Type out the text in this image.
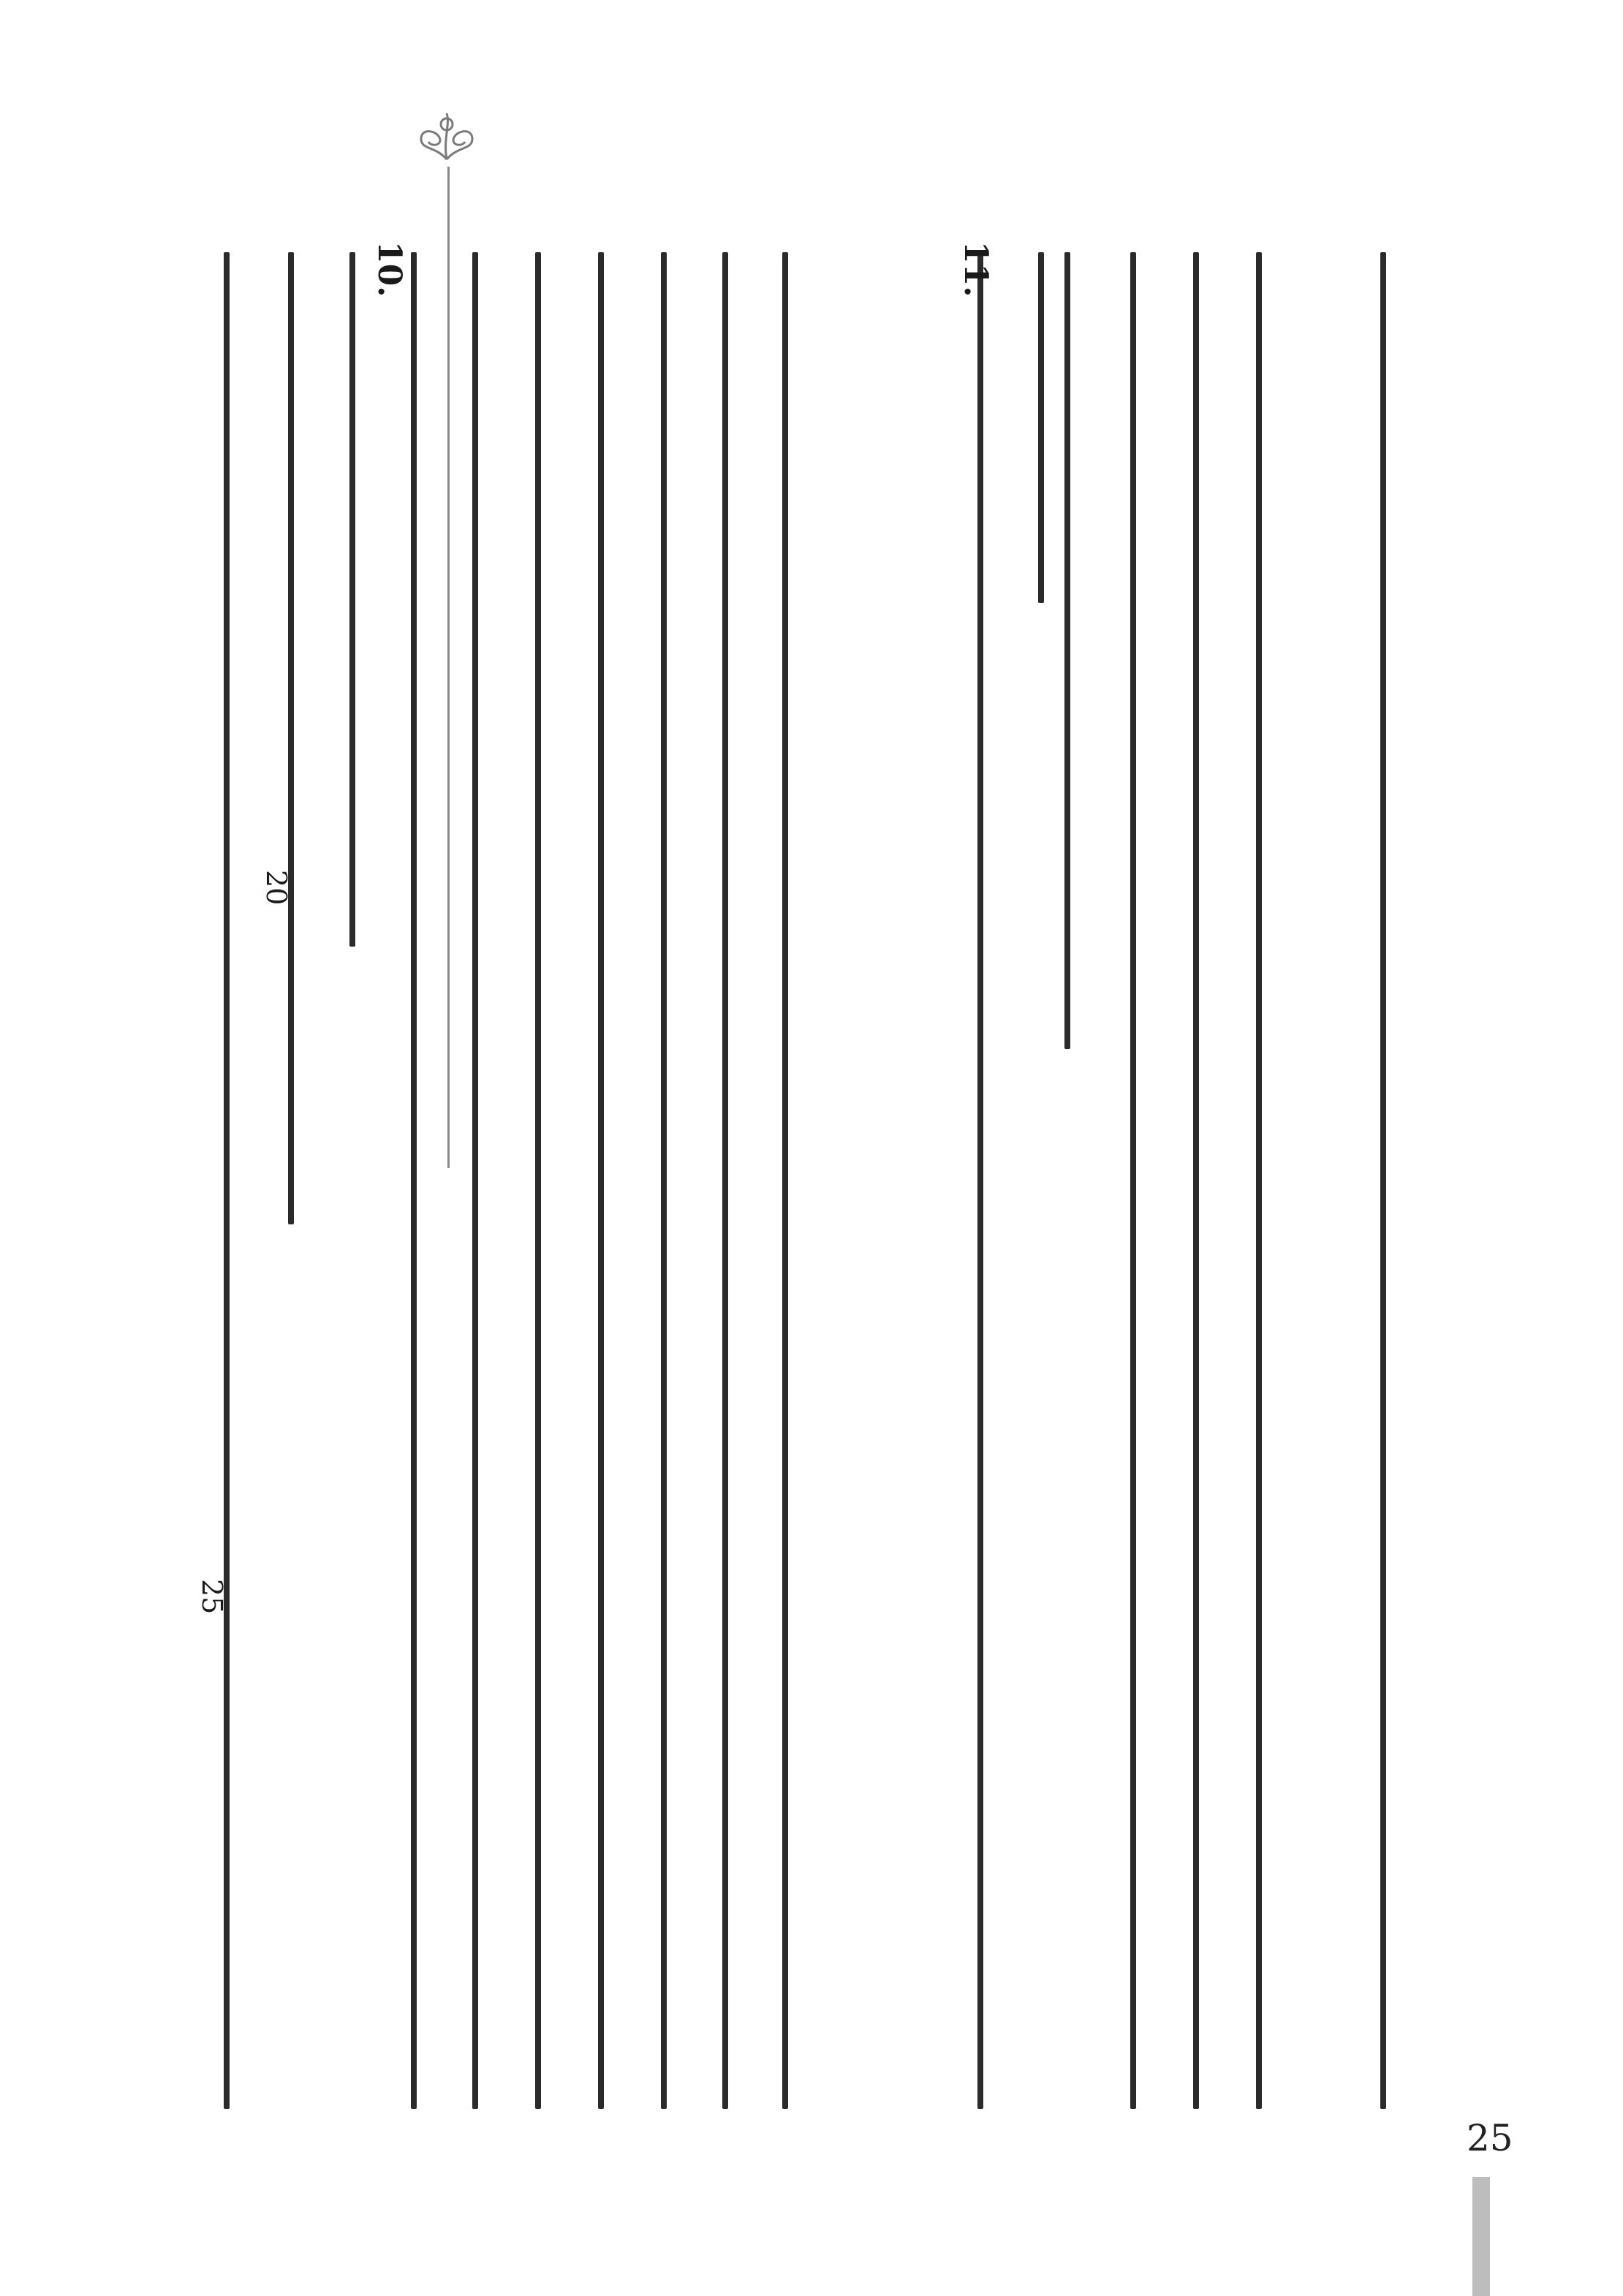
11.
10.
20
25
25
